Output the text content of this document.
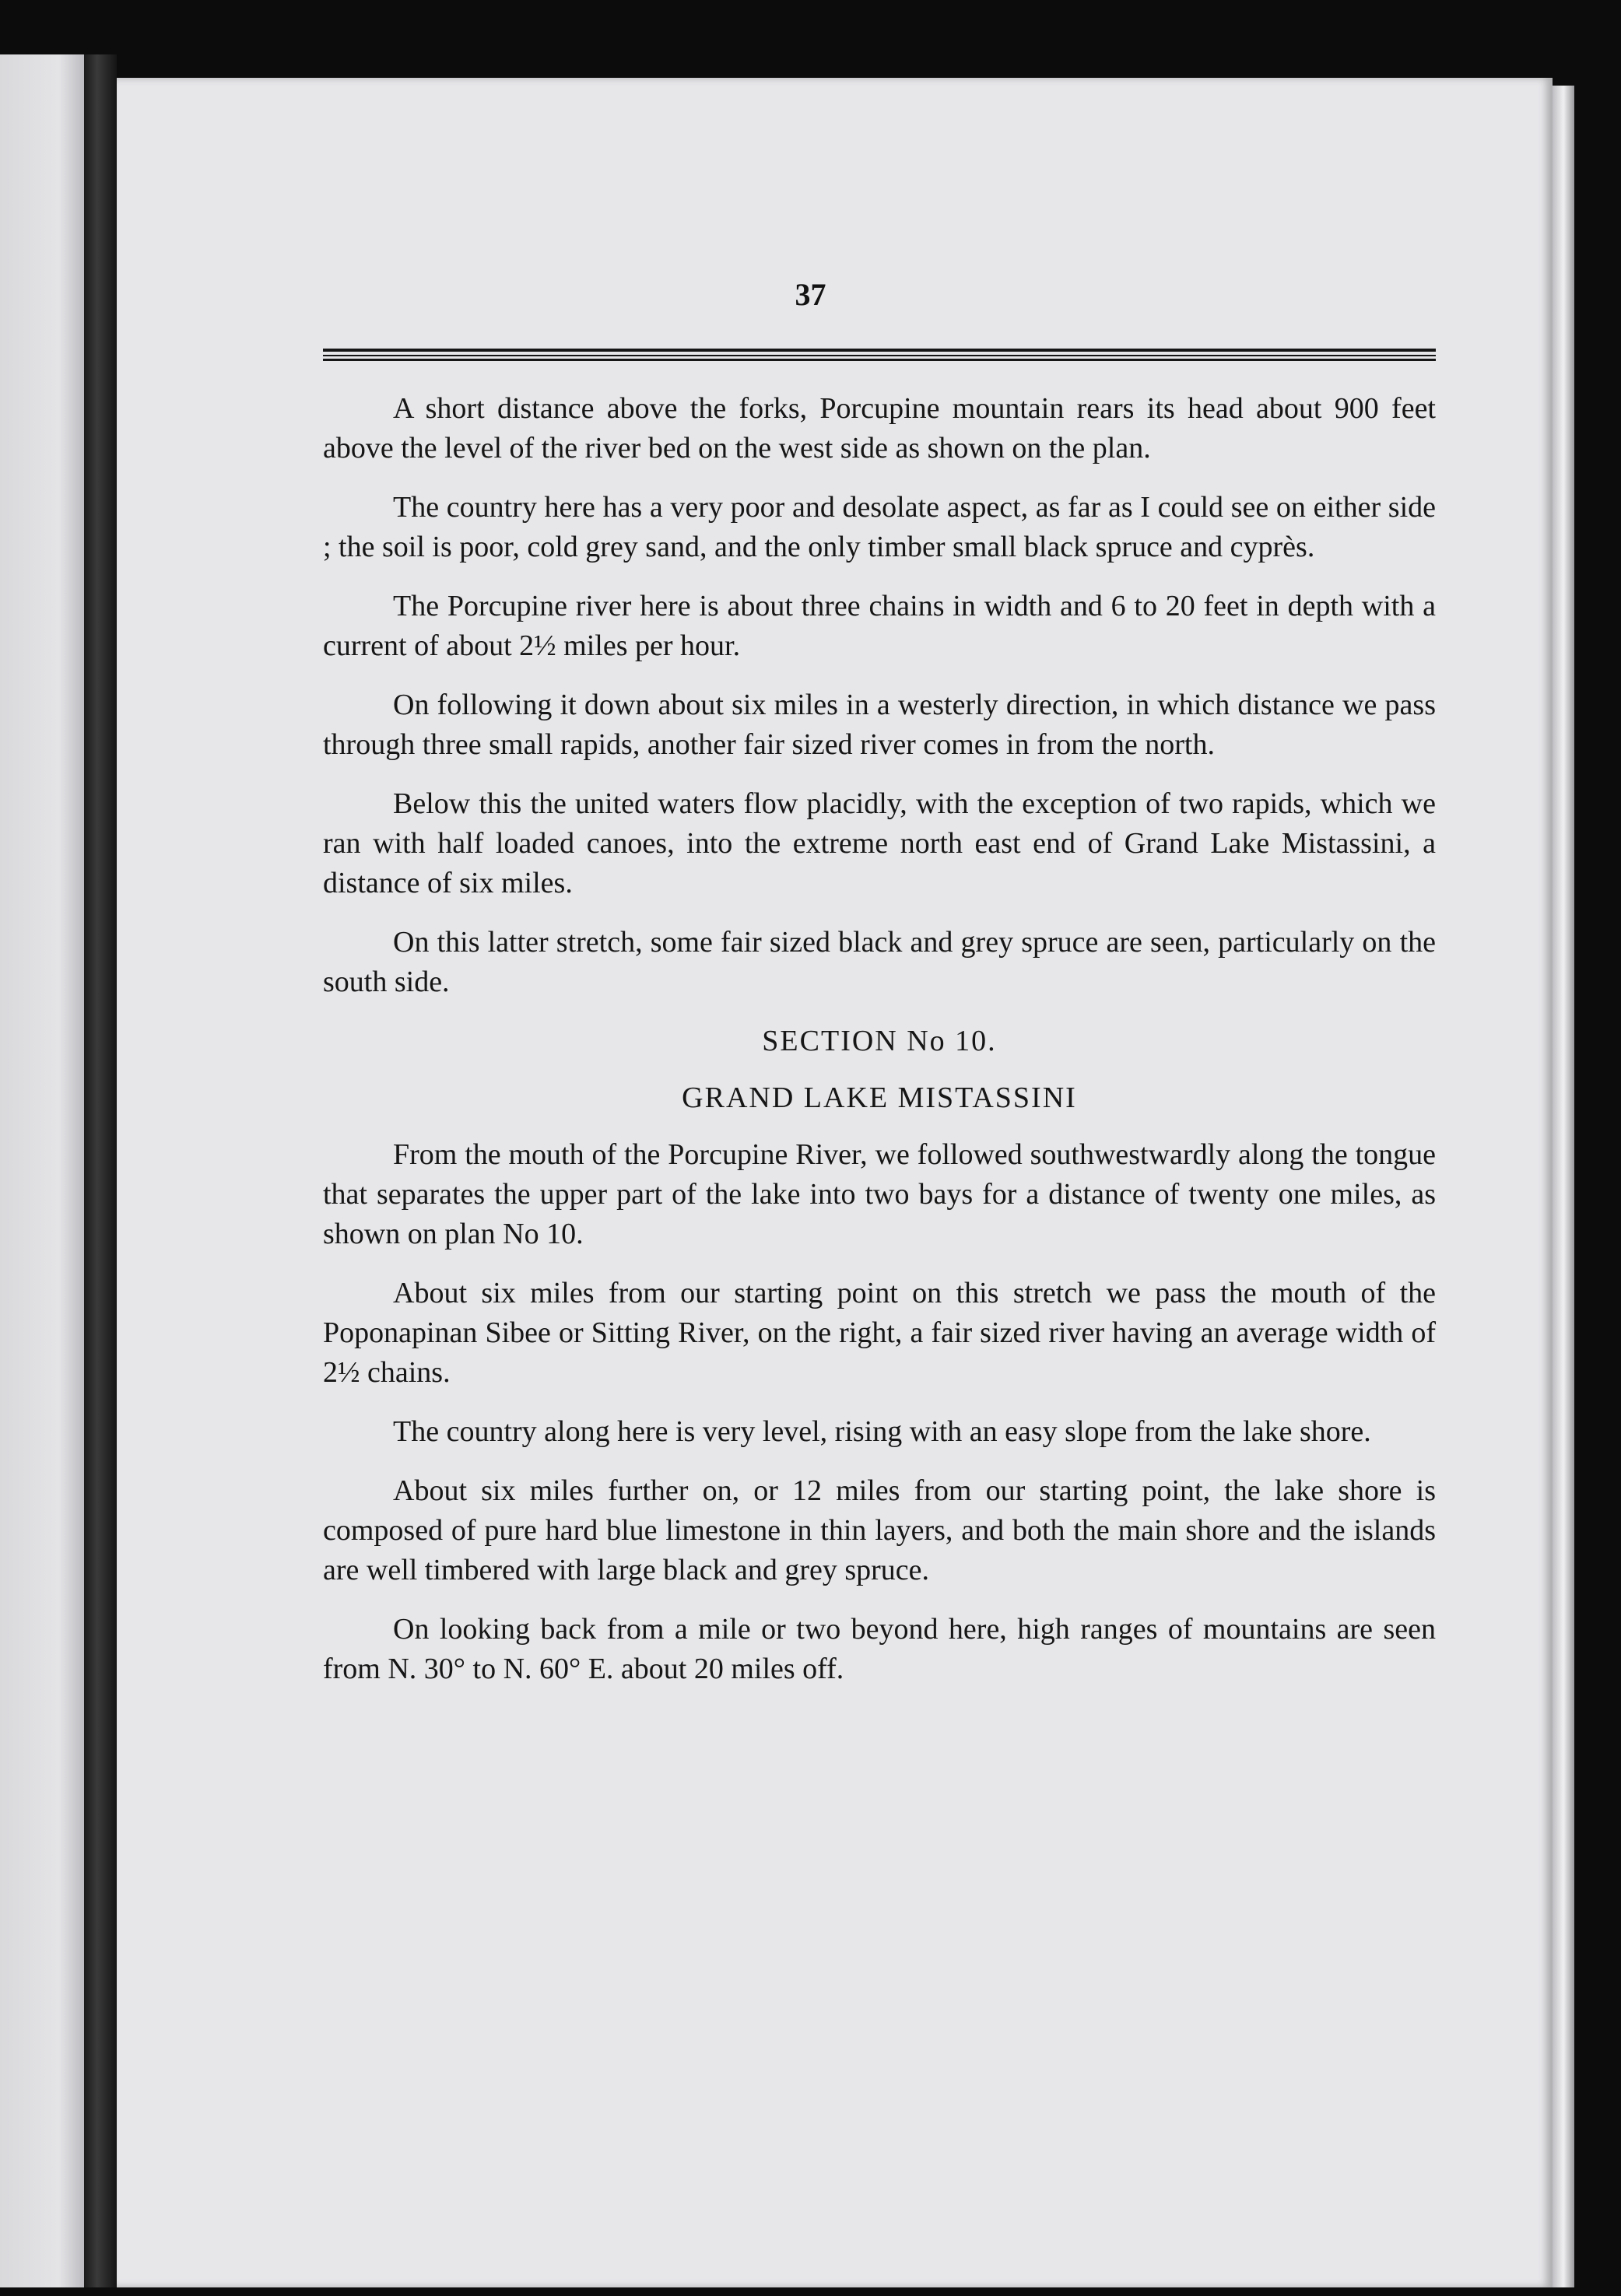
37

A short distance above the forks, Porcupine mountain rears its head about 900 feet above the level of the river bed on the west side as shown on the plan.

The country here has a very poor and desolate aspect, as far as I could see on either side ; the soil is poor, cold grey sand, and the only timber small black spruce and cyprès.

The Porcupine river here is about three chains in width and 6 to 20 feet in depth with a current of about 2½ miles per hour.

On following it down about six miles in a westerly direction, in which distance we pass through three small rapids, another fair sized river comes in from the north.

Below this the united waters flow placidly, with the exception of two rapids, which we ran with half loaded canoes, into the extreme north east end of Grand Lake Mistassini, a distance of six miles.

On this latter stretch, some fair sized black and grey spruce are seen, particularly on the south side.

SECTION No 10.

GRAND LAKE MISTASSINI

From the mouth of the Porcupine River, we followed southwestwardly along the tongue that separates the upper part of the lake into two bays for a distance of twenty one miles, as shown on plan No 10.

About six miles from our starting point on this stretch we pass the mouth of the Poponapinan Sibee or Sitting River, on the right, a fair sized river having an average width of 2½ chains.

The country along here is very level, rising with an easy slope from the lake shore.

About six miles further on, or 12 miles from our starting point, the lake shore is composed of pure hard blue limestone in thin layers, and both the main shore and the islands are well timbered with large black and grey spruce.

On looking back from a mile or two beyond here, high ranges of mountains are seen from N. 30° to N. 60° E. about 20 miles off.
